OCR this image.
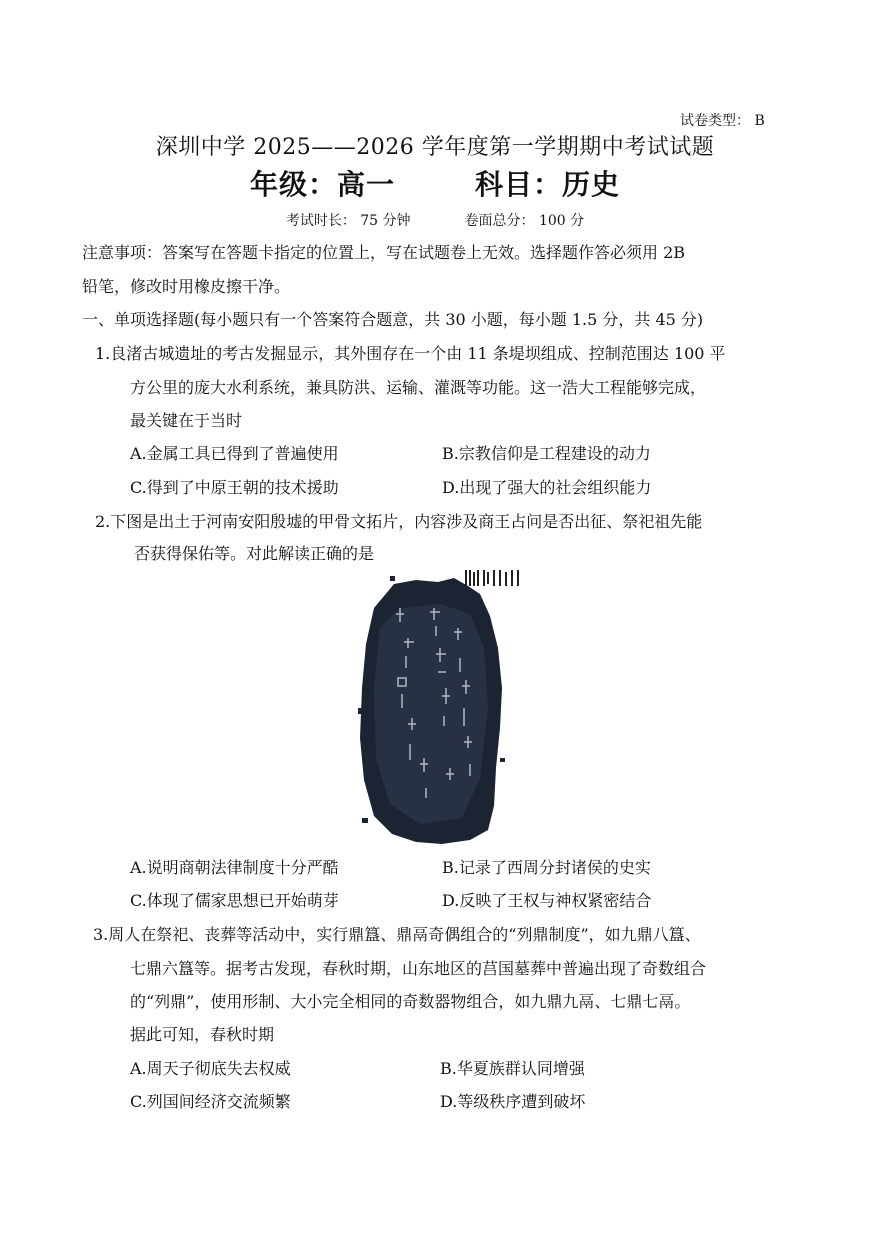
试卷类型： B
深圳中学 2025——2026 学年度第一学期期中考试试题
年级：高一	科目：历史
考试时长： 75 分钟	卷面总分： 100 分
注意事项：答案写在答题卡指定的位置上，写在试题卷上无效。选择题作答必须用 2B
铅笔，修改时用橡皮擦干净。
一、单项选择题(每小题只有一个答案符合题意，共 30 小题，每小题 1.5 分，共 45 分)
1.良渚古城遗址的考古发掘显示，其外围存在一个由 11 条堤坝组成、控制范围达 100 平
方公里的庞大水利系统，兼具防洪、运输、灌溉等功能。这一浩大工程能够完成，
最关键在于当时
A.金属工具已得到了普遍使用	B.宗教信仰是工程建设的动力
C.得到了中原王朝的技术援助	D.出现了强大的社会组织能力
2.下图是出土于河南安阳殷墟的甲骨文拓片，内容涉及商王占问是否出征、祭祀祖先能
否获得保佑等。对此解读正确的是
A.说明商朝法律制度十分严酷	B.记录了西周分封诸侯的史实
C.体现了儒家思想已开始萌芽	D.反映了王权与神权紧密结合
3.周人在祭祀、丧葬等活动中，实行鼎簋、鼎鬲奇偶组合的“列鼎制度”，如九鼎八簋、
七鼎六簋等。据考古发现，春秋时期，山东地区的莒国墓葬中普遍出现了奇数组合
的“列鼎”，使用形制、大小完全相同的奇数器物组合，如九鼎九鬲、七鼎七鬲。
据此可知，春秋时期
A.周天子彻底失去权威	B.华夏族群认同增强
C.列国间经济交流频繁	D.等级秩序遭到破坏
